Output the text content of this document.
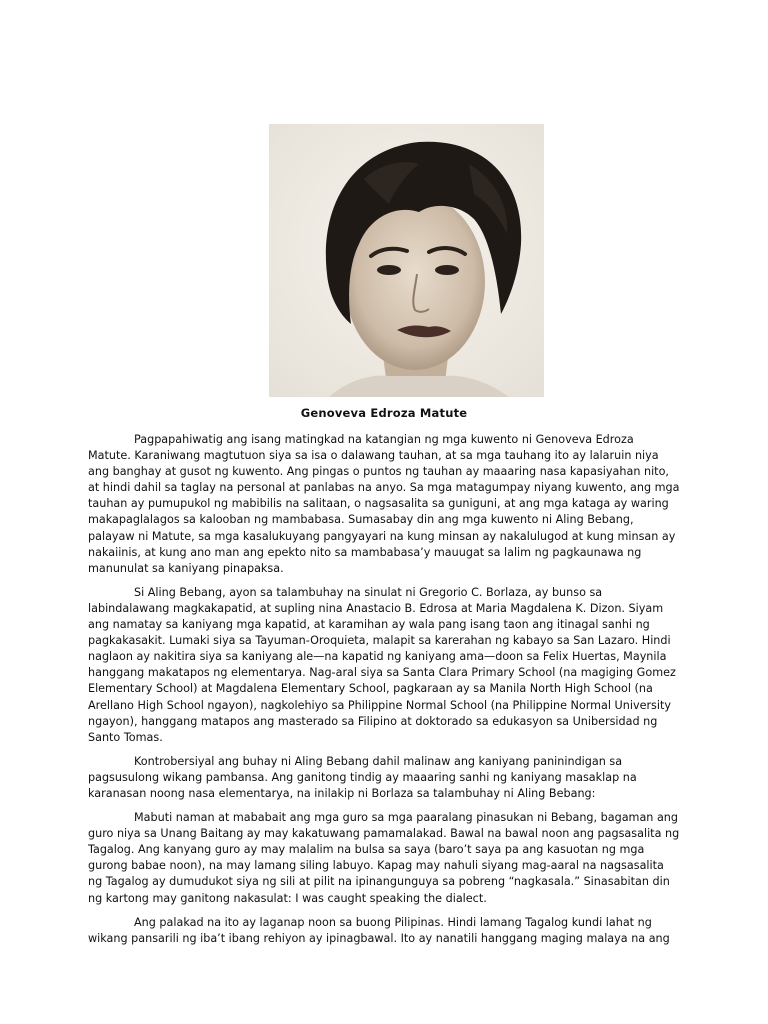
Genoveva Edroza Matute

Pagpapahiwatig ang isang matingkad na katangian ng mga kuwento ni Genoveva Edroza Matute. Karaniwang magtutuon siya sa isa o dalawang tauhan, at sa mga tauhang ito ay lalaruin niya ang banghay at gusot ng kuwento. Ang pingas o puntos ng tauhan ay maaaring nasa kapasiyahan nito, at hindi dahil sa taglay na personal at panlabas na anyo. Sa mga matagumpay niyang kuwento, ang mga tauhan ay pumupukol ng mabibilis na salitaan, o nagsasalita sa guniguni, at ang mga kataga ay waring makapaglalagos sa kalooban ng mambabasa. Sumasabay din ang mga kuwento ni Aling Bebang, palayaw ni Matute, sa mga kasalukuyang pangyayari na kung minsan ay nakalulugod at kung minsan ay nakaiinis, at kung ano man ang epekto nito sa mambabasa’y mauugat sa lalim ng pagkaunawa ng manunulat sa kaniyang pinapaksa.

Si Aling Bebang, ayon sa talambuhay na sinulat ni Gregorio C. Borlaza, ay bunso sa labindalawang magkakapatid, at supling nina Anastacio B. Edrosa at Maria Magdalena K. Dizon. Siyam ang namatay sa kaniyang mga kapatid, at karamihan ay wala pang isang taon ang itinagal sanhi ng pagkakasakit. Lumaki siya sa Tayuman-Oroquieta, malapit sa karerahan ng kabayo sa San Lazaro. Hindi naglaon ay nakitira siya sa kaniyang ale—na kapatid ng kaniyang ama—doon sa Felix Huertas, Maynila hanggang makatapos ng elementarya. Nag-aral siya sa Santa Clara Primary School (na magiging Gomez Elementary School) at Magdalena Elementary School, pagkaraan ay sa Manila North High School (na Arellano High School ngayon), nagkolehiyo sa Philippine Normal School (na Philippine Normal University ngayon), hanggang matapos ang masterado sa Filipino at doktorado sa edukasyon sa Unibersidad ng Santo Tomas.

Kontrobersiyal ang buhay ni Aling Bebang dahil malinaw ang kaniyang paninindigan sa pagsusulong wikang pambansa. Ang ganitong tindig ay maaaring sanhi ng kaniyang masaklap na karanasan noong nasa elementarya, na inilakip ni Borlaza sa talambuhay ni Aling Bebang:

Mabuti naman at mababait ang mga guro sa mga paaralang pinasukan ni Bebang, bagaman ang guro niya sa Unang Baitang ay may kakatuwang pamamalakad. Bawal na bawal noon ang pagsasalita ng Tagalog. Ang kanyang guro ay may malalim na bulsa sa saya (baro’t saya pa ang kasuotan ng mga gurong babae noon), na may lamang siling labuyo. Kapag may nahuli siyang mag-aaral na nagsasalita ng Tagalog ay dumudukot siya ng sili at pilit na ipinangunguya sa pobreng “nagkasala.” Sinasabitan din ng kartong may ganitong nakasulat: I was caught speaking the dialect.

Ang palakad na ito ay laganap noon sa buong Pilipinas. Hindi lamang Tagalog kundi lahat ng wikang pansarili ng iba’t ibang rehiyon ay ipinagbawal. Ito ay nanatili hanggang maging malaya na ang
